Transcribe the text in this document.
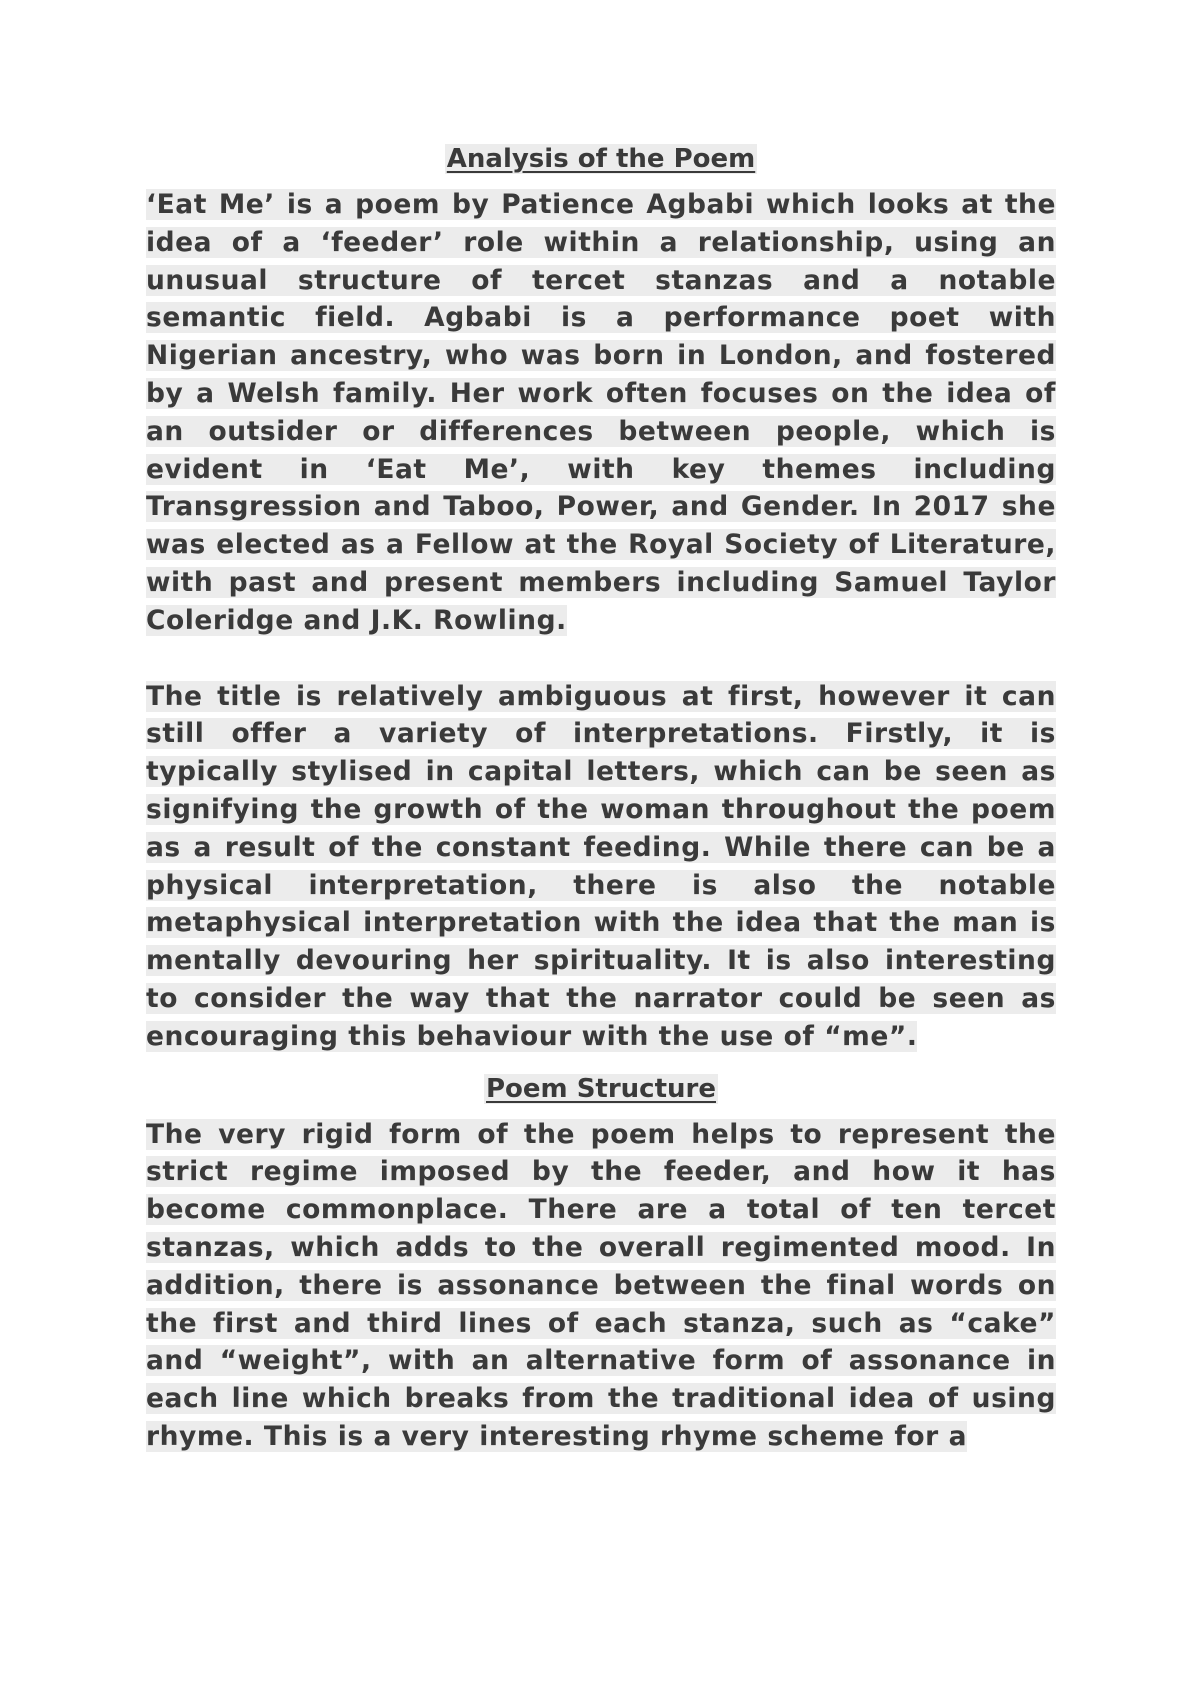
Analysis of the Poem

‘Eat Me’ is a poem by Patience Agbabi which looks at the idea of a ‘feeder’ role within a relationship, using an unusual structure of tercet stanzas and a notable semantic field. Agbabi is a performance poet with Nigerian ancestry, who was born in London, and fostered by a Welsh family. Her work often focuses on the idea of an outsider or differences between people, which is evident in ‘Eat Me’, with key themes including Transgression and Taboo, Power, and Gender. In 2017 she was elected as a Fellow at the Royal Society of Literature, with past and present members including Samuel Taylor Coleridge and J.K. Rowling.

The title is relatively ambiguous at first, however it can still offer a variety of interpretations. Firstly, it is typically stylised in capital letters, which can be seen as signifying the growth of the woman throughout the poem as a result of the constant feeding. While there can be a physical interpretation, there is also the notable metaphysical interpretation with the idea that the man is mentally devouring her spirituality. It is also interesting to consider the way that the narrator could be seen as encouraging this behaviour with the use of “me”.

Poem Structure

The very rigid form of the poem helps to represent the strict regime imposed by the feeder, and how it has become commonplace. There are a total of ten tercet stanzas, which adds to the overall regimented mood. In addition, there is assonance between the final words on the first and third lines of each stanza, such as “cake” and “weight”, with an alternative form of assonance in each line which breaks from the traditional idea of using rhyme. This is a very interesting rhyme scheme for a
